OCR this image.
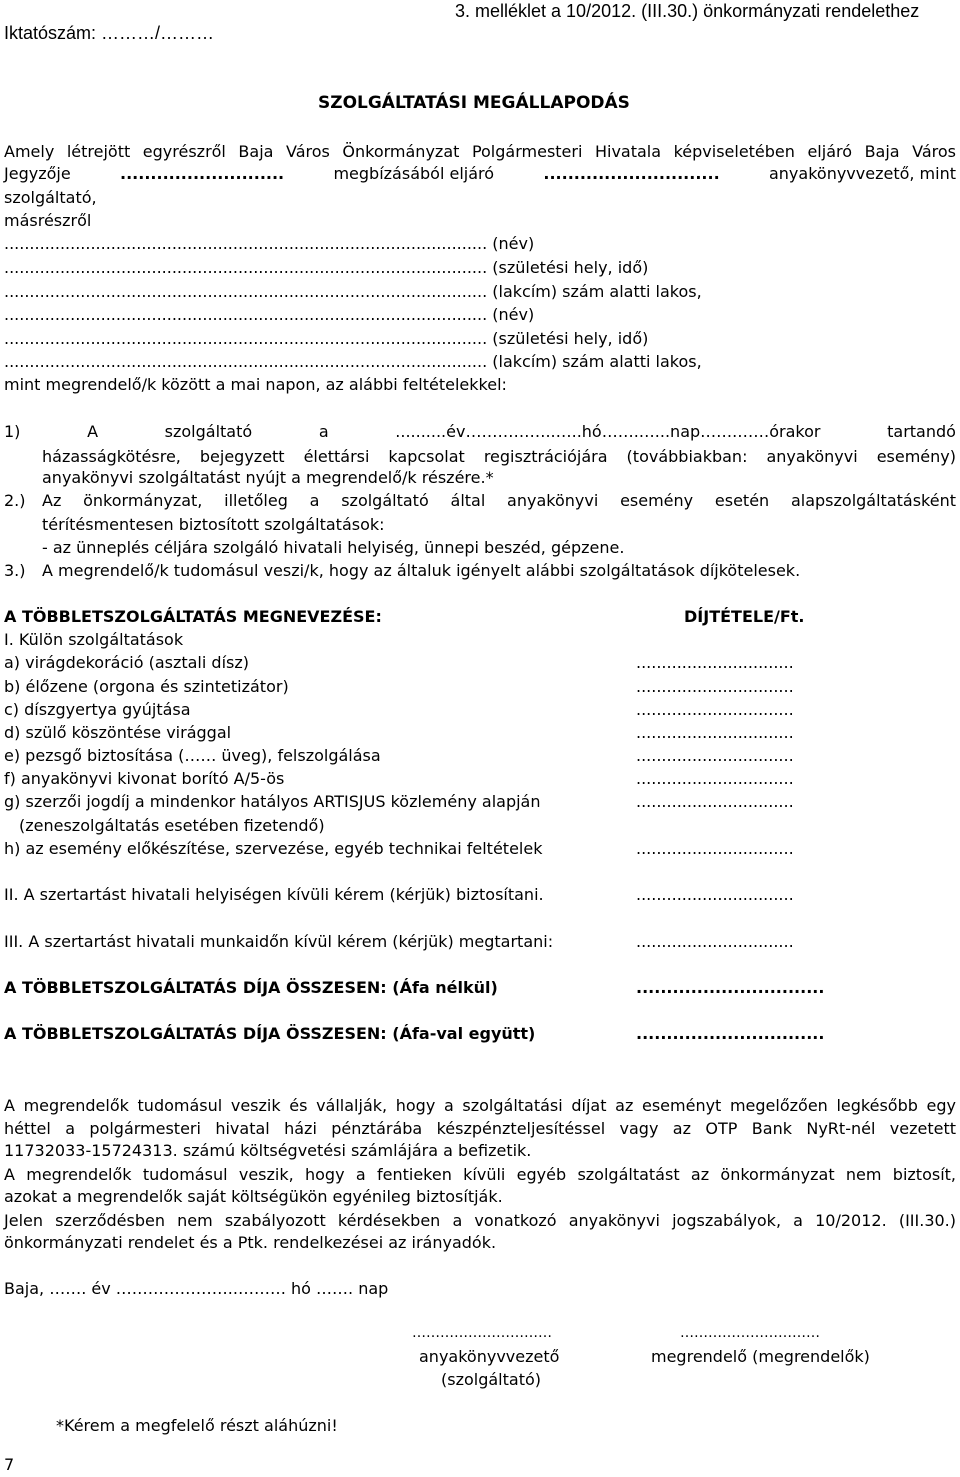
Iktatószám: ………/………
3. melléklet a 10/2012. (III.30.) önkormányzati rendelethez
SZOLGÁLTATÁSI MEGÁLLAPODÁS
Amely létrejött egyrészről Baja Város Önkormányzat Polgármesteri Hivatala képviseletében eljáró Baja Város
Jegyzője	...........................	megbízásából eljáró	.............................	anyakönyvvezető, mint
szolgáltató,
másrészről
............................................................................................... (név)
............................................................................................... (születési hely, idő)
............................................................................................... (lakcím) szám alatti lakos,
............................................................................................... (név)
............................................................................................... (születési hely, idő)
............................................................................................... (lakcím) szám alatti lakos,
mint megrendelő/k között a mai napon, az alábbi feltételekkel:
1)	A	szolgáltató	a	..........év……………..…..hó…….…...nap…….……órakor	tartandó
házasságkötésre, bejegyzett élettársi kapcsolat regisztrációjára (továbbiakban: anyakönyvi esemény)
anyakönyvi szolgáltatást nyújt a megrendelő/k részére.*
2.) Az önkormányzat, illetőleg a szolgáltató által anyakönyvi esemény esetén alapszolgáltatásként
térítésmentesen biztosított szolgáltatások:
- az ünneplés céljára szolgáló hivatali helyiség, ünnepi beszéd, gépzene.
3.) A megrendelő/k tudomásul veszi/k, hogy az általuk igényelt alábbi szolgáltatások díjkötelesek.
A TÖBBLETSZOLGÁLTATÁS MEGNEVEZÉSE:	DÍJTÉTELE/Ft.
I. Külön szolgáltatások
a) virágdekoráció (asztali dísz)	...............................
b) élőzene (orgona és szintetizátor)	...............................
c) díszgyertya gyújtása	...............................
d) szülő köszöntése virággal	...............................
e) pezsgő biztosítása (…… üveg), felszolgálása	...............................
f) anyakönyvi kivonat borító A/5-ös	...............................
g) szerzői jogdíj a mindenkor hatályos ARTISJUS közlemény alapján	...............................
(zeneszolgáltatás esetében fizetendő)
h) az esemény előkészítése, szervezése, egyéb technikai feltételek	...............................
II. A szertartást hivatali helyiségen kívüli kérem (kérjük) biztosítani.	...............................
III. A szertartást hivatali munkaidőn kívül kérem (kérjük) megtartani:	...............................
A TÖBBLETSZOLGÁLTATÁS DÍJA ÖSSZESEN: (Áfa nélkül)	...............................
A TÖBBLETSZOLGÁLTATÁS DÍJA ÖSSZESEN: (Áfa-val együtt)	...............................
A megrendelők tudomásul veszik és vállalják, hogy a szolgáltatási díjat az eseményt megelőzően legkésőbb egy
héttel a polgármesteri hivatal házi pénztárába készpénzteljesítéssel vagy az OTP Bank NyRt-nél vezetett
11732033-15724313. számú költségvetési számlájára a befizetik.
A megrendelők tudomásul veszik, hogy a fentieken kívüli egyéb szolgáltatást az önkormányzat nem biztosít,
azokat a megrendelők saját költségükön egyénileg biztosítják.
Jelen szerződésben nem szabályozott kérdésekben a vonatkozó anyakönyvi jogszabályok, a 10/2012. (III.30.)
önkormányzati rendelet és a Ptk. rendelkezései az irányadók.
Baja, ……. év …………………..……… hó ……. nap
…………………………
anyakönyvvezető
(szolgáltató)
…………………………
megrendelő (megrendelők)
*Kérem a megfelelő részt aláhúzni!
7
